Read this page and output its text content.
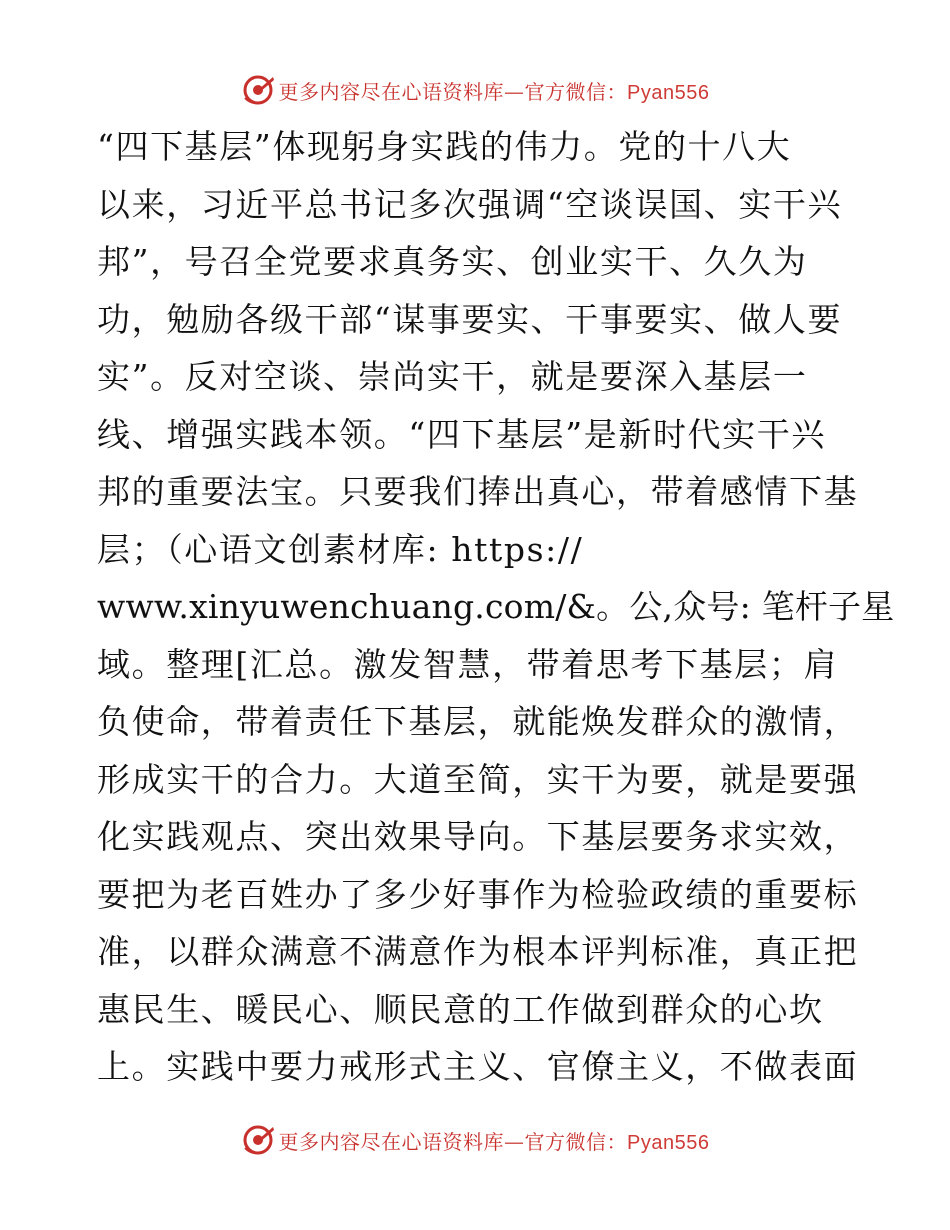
更多内容尽在心语资料库—官方微信：Pyan556
“四下基层”体现躬身实践的伟力。党的十八大
以来，习近平总书记多次强调“空谈误国、实干兴
邦”，号召全党要求真务实、创业实干、久久为
功，勉励各级干部“谋事要实、干事要实、做人要
实”。反对空谈、崇尚实干，就是要深入基层一
线、增强实践本领。“四下基层”是新时代实干兴
邦的重要法宝。只要我们捧出真心，带着感情下基
层；（心语文创素材库: https://
www.xinyuwenchuang.com/&。公,众号: 笔杆子星
域。整理[汇总。激发智慧，带着思考下基层；肩
负使命，带着责任下基层，就能焕发群众的激情，
形成实干的合力。大道至简，实干为要，就是要强
化实践观点、突出效果导向。下基层要务求实效，
要把为老百姓办了多少好事作为检验政绩的重要标
准，以群众满意不满意作为根本评判标准，真正把
惠民生、暖民心、顺民意的工作做到群众的心坎
上。实践中要力戒形式主义、官僚主义，不做表面
更多内容尽在心语资料库—官方微信：Pyan556
